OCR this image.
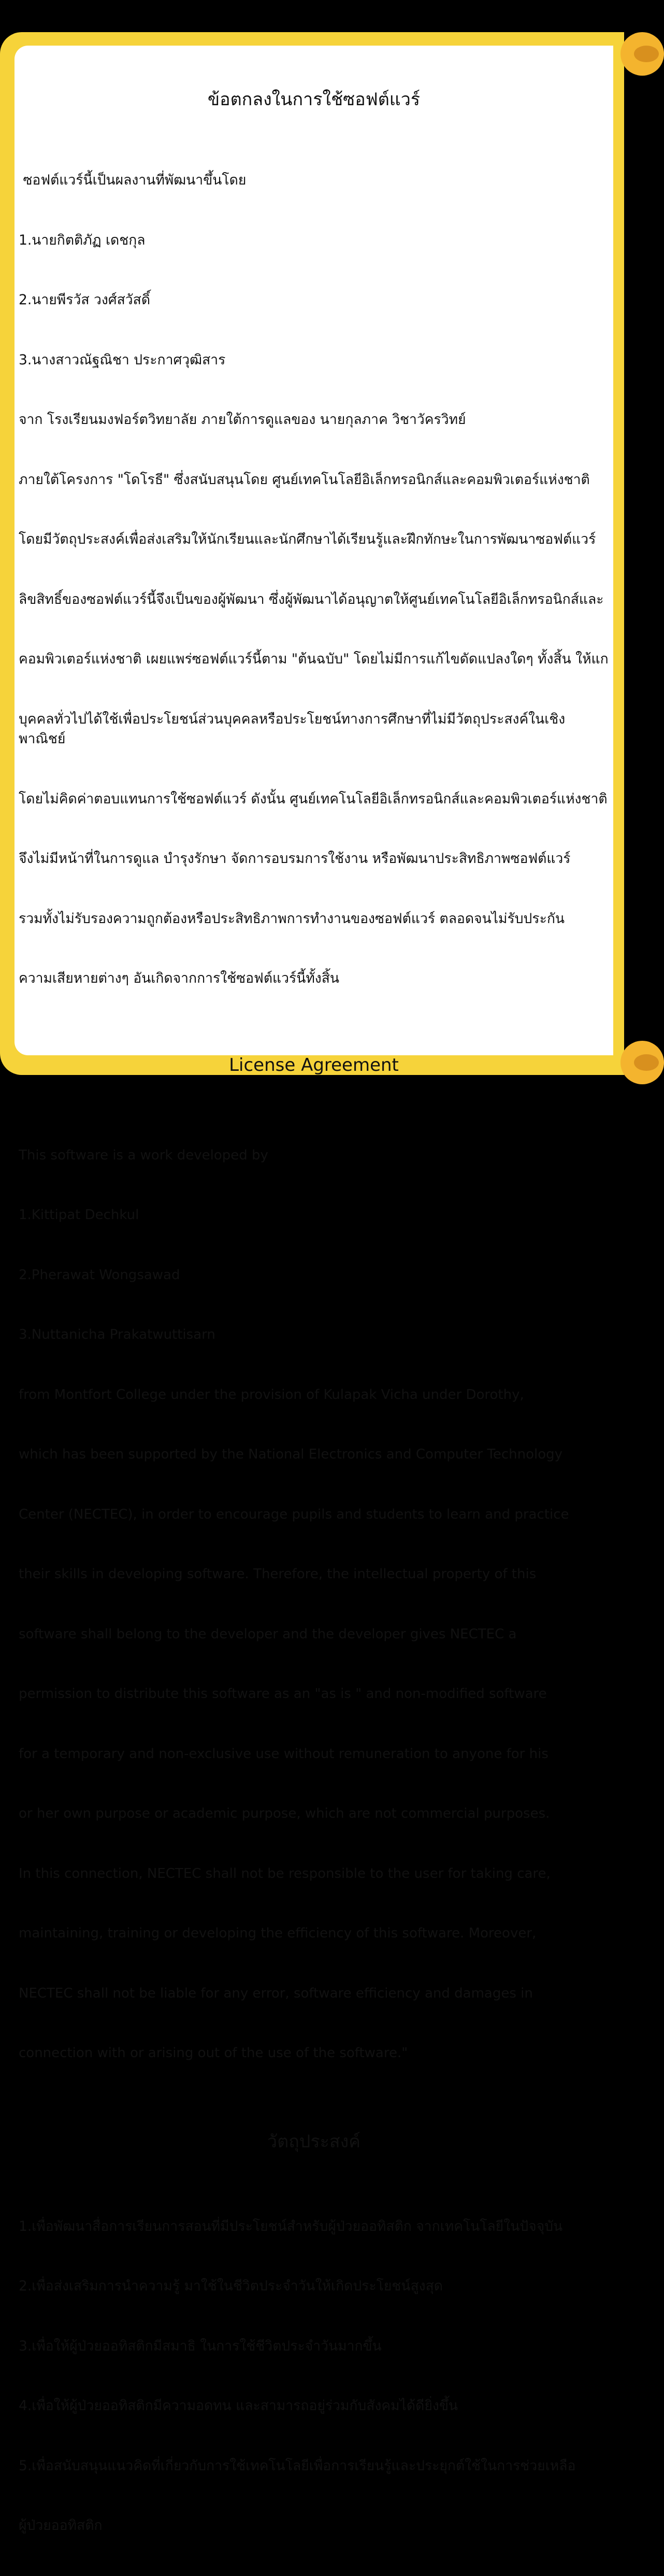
ข้อตกลงในการใช้ซอฟต์แวร์

ซอฟต์แวร์นี้เป็นผลงานที่พัฒนาขึ้นโดย

1.นายกิตติภัฏ เดชกุล

2.นายพีรวัส วงศ์สวัสดิ์

3.นางสาวณัฐณิชา ประกาศวุฒิสาร

จาก โรงเรียนมงฟอร์ตวิทยาลัย ภายใต้การดูแลของ นายกุลภาค วิชาวัครวิทย์

ภายใต้โครงการ "โดโรธี" ซึ่งสนับสนุนโดย ศูนย์เทคโนโลยีอิเล็กทรอนิกส์และคอมพิวเตอร์แห่งชาติ

โดยมีวัตถุประสงค์เพื่อส่งเสริมให้นักเรียนและนักศึกษาได้เรียนรู้และฝึกทักษะในการพัฒนาซอฟต์แวร์

ลิขสิทธิ์ของซอฟต์แวร์นี้จึงเป็นของผู้พัฒนา ซึ่งผู้พัฒนาได้อนุญาตให้ศูนย์เทคโนโลยีอิเล็กทรอนิกส์และ

คอมพิวเตอร์แห่งชาติ เผยแพร่ซอฟต์แวร์นี้ตาม "ต้นฉบับ" โดยไม่มีการแก้ไขดัดแปลงใดๆ ทั้งสิ้น ให้แก

บุคคลทั่วไปได้ใช้เพื่อประโยชน์ส่วนบุคคลหรือประโยชน์ทางการศึกษาที่ไม่มีวัตถุประสงค์ในเชิงพาณิชย์

โดยไม่คิดค่าตอบแทนการใช้ซอฟต์แวร์ ดังนั้น ศูนย์เทคโนโลยีอิเล็กทรอนิกส์และคอมพิวเตอร์แห่งชาติ

จึงไม่มีหน้าที่ในการดูแล บำรุงรักษา จัดการอบรมการใช้งาน หรือพัฒนาประสิทธิภาพซอฟต์แวร์

รวมทั้งไม่รับรองความถูกต้องหรือประสิทธิภาพการทำงานของซอฟต์แวร์ ตลอดจนไม่รับประกัน

ความเสียหายต่างๆ อันเกิดจากการใช้ซอฟต์แวร์นี้ทั้งสิ้น

License Agreement

This software is a work developed by

1.Kittipat Dechkul

2.Pherawat Wongsawad

3.Nuttanicha Prakatwuttisarn

from Montfort College under the provision of Kulapak Vicha under Dorothy,

which has been supported by the National Electronics and Computer Technology

Center (NECTEC), in order to encourage pupils and students to learn and practice

their skills in developing software. Therefore, the intellectual property of this

software shall belong to the developer and the developer gives NECTEC a

permission to distribute this software as an "as is " and non-modified software

for a temporary and non-exclusive use without remuneration to anyone for his

or her own purpose or academic purpose, which are not commercial purposes.

In this connection, NECTEC shall not be responsible to the user for taking care,

maintaining, training or developing the efficiency of this software. Moreover,

NECTEC shall not be liable for any error, software efficiency and damages in

connection with or arising out of the use of the software."

วัตถุประสงค์

1.เพื่อพัฒนาสื่อการเรียนการสอนที่มีประโยชน์สำหรับผู้ป่วยออทิสติก จากเทคโนโลยีในปัจจุบัน

2.เพื่อส่งเสริมการนำความรู้ มาใช้ในชีวิตประจำวันให้เกิดประโยชน์สูงสุด

3.เพื่อให้ผู้ป่วยออทิสติกมีสมาธิ ในการใช้ชีวิตประจำวันมากขึ้น

4.เพื่อให้ผู้ป่วยออทิสติกมีความอดทน และสามารถอยู่ร่วมกับสังคมได้ดียิ่งขึ้น

5.เพื่อสนับสนุนแนวคิดที่เกี่ยวกับการใช้เทคโนโลยีเพื่อการเรียนรู้และประยุกต์ใช้ในการช่วยเหลือ

ผู้ป่วยออทิสติก
